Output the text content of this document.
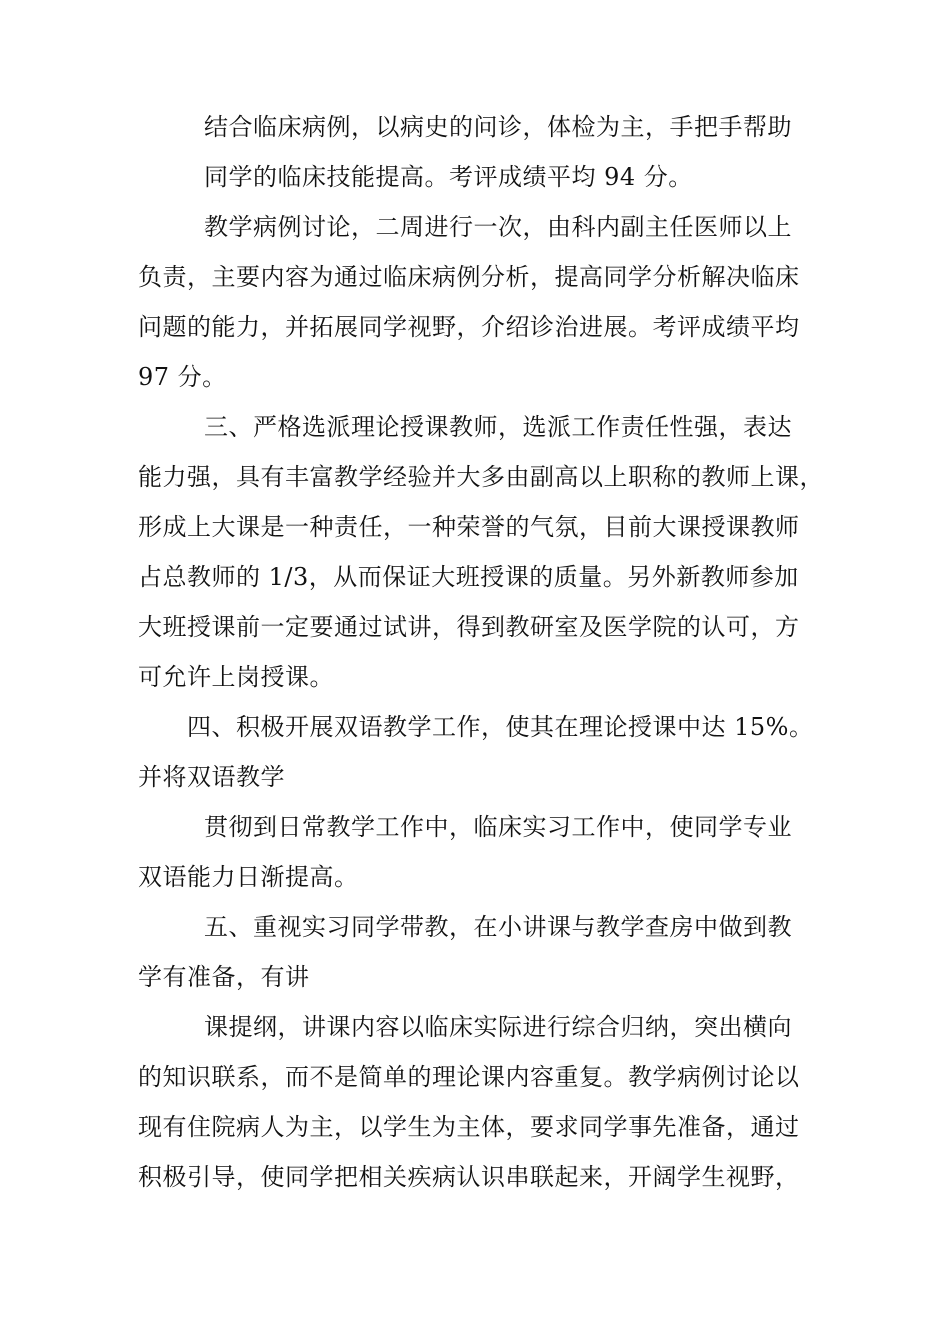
结合临床病例，以病史的问诊，体检为主，手把手帮助
同学的临床技能提高。考评成绩平均 94 分。
教学病例讨论，二周进行一次，由科内副主任医师以上
负责，主要内容为通过临床病例分析，提高同学分析解决临床
问题的能力，并拓展同学视野，介绍诊治进展。考评成绩平均
97 分。
三、严格选派理论授课教师，选派工作责任性强，表达
能力强，具有丰富教学经验并大多由副高以上职称的教师上课，
形成上大课是一种责任，一种荣誉的气氛，目前大课授课教师
占总教师的 1/3，从而保证大班授课的质量。另外新教师参加
大班授课前一定要通过试讲，得到教研室及医学院的认可，方
可允许上岗授课。
四、积极开展双语教学工作，使其在理论授课中达 15%。
并将双语教学
贯彻到日常教学工作中，临床实习工作中，使同学专业
双语能力日渐提高。
五、重视实习同学带教，在小讲课与教学查房中做到教
学有准备，有讲
课提纲，讲课内容以临床实际进行综合归纳，突出横向
的知识联系，而不是简单的理论课内容重复。教学病例讨论以
现有住院病人为主，以学生为主体，要求同学事先准备，通过
积极引导，使同学把相关疾病认识串联起来，开阔学生视野，
